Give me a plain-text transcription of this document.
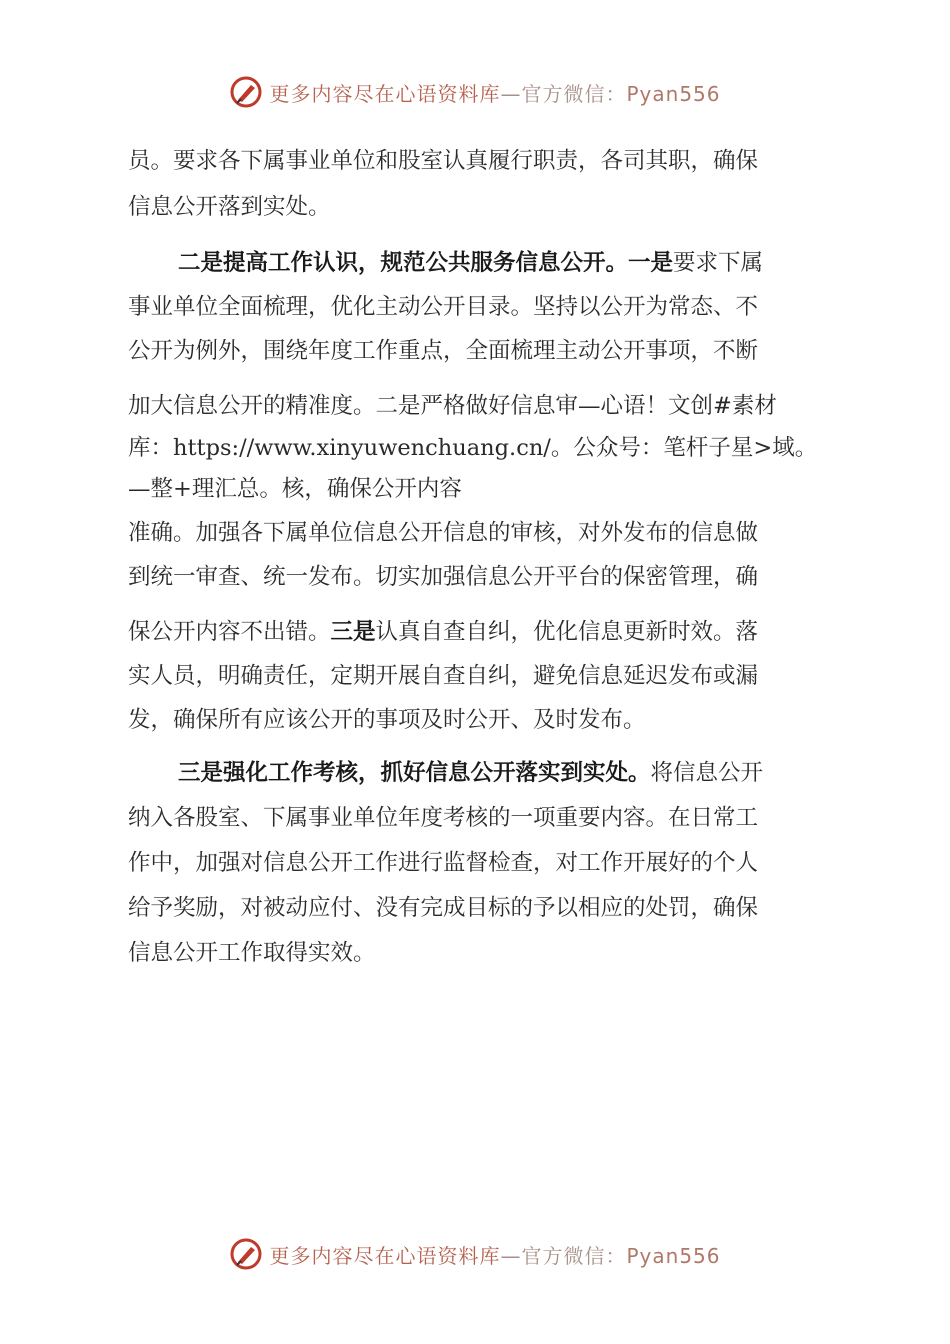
更多内容尽在心语资料库—官方微信：Pyan556
员。要求各下属事业单位和股室认真履行职责，各司其职，确保
信息公开落到实处。
二是提高工作认识，规范公共服务信息公开。一是要求下属
事业单位全面梳理，优化主动公开目录。坚持以公开为常态、不
公开为例外，围绕年度工作重点，全面梳理主动公开事项，不断
加大信息公开的精准度。二是严格做好信息审—心语！文创#素材
库：https://www.xinyuwenchuang.cn/。公众号：笔杆子星>域。
—整+理汇总。核，确保公开内容
准确。加强各下属单位信息公开信息的审核，对外发布的信息做
到统一审查、统一发布。切实加强信息公开平台的保密管理，确
保公开内容不出错。三是认真自查自纠，优化信息更新时效。落
实人员，明确责任，定期开展自查自纠，避免信息延迟发布或漏
发，确保所有应该公开的事项及时公开、及时发布。
三是强化工作考核，抓好信息公开落实到实处。将信息公开
纳入各股室、下属事业单位年度考核的一项重要内容。在日常工
作中，加强对信息公开工作进行监督检查，对工作开展好的个人
给予奖励，对被动应付、没有完成目标的予以相应的处罚，确保
信息公开工作取得实效。
更多内容尽在心语资料库—官方微信：Pyan556
